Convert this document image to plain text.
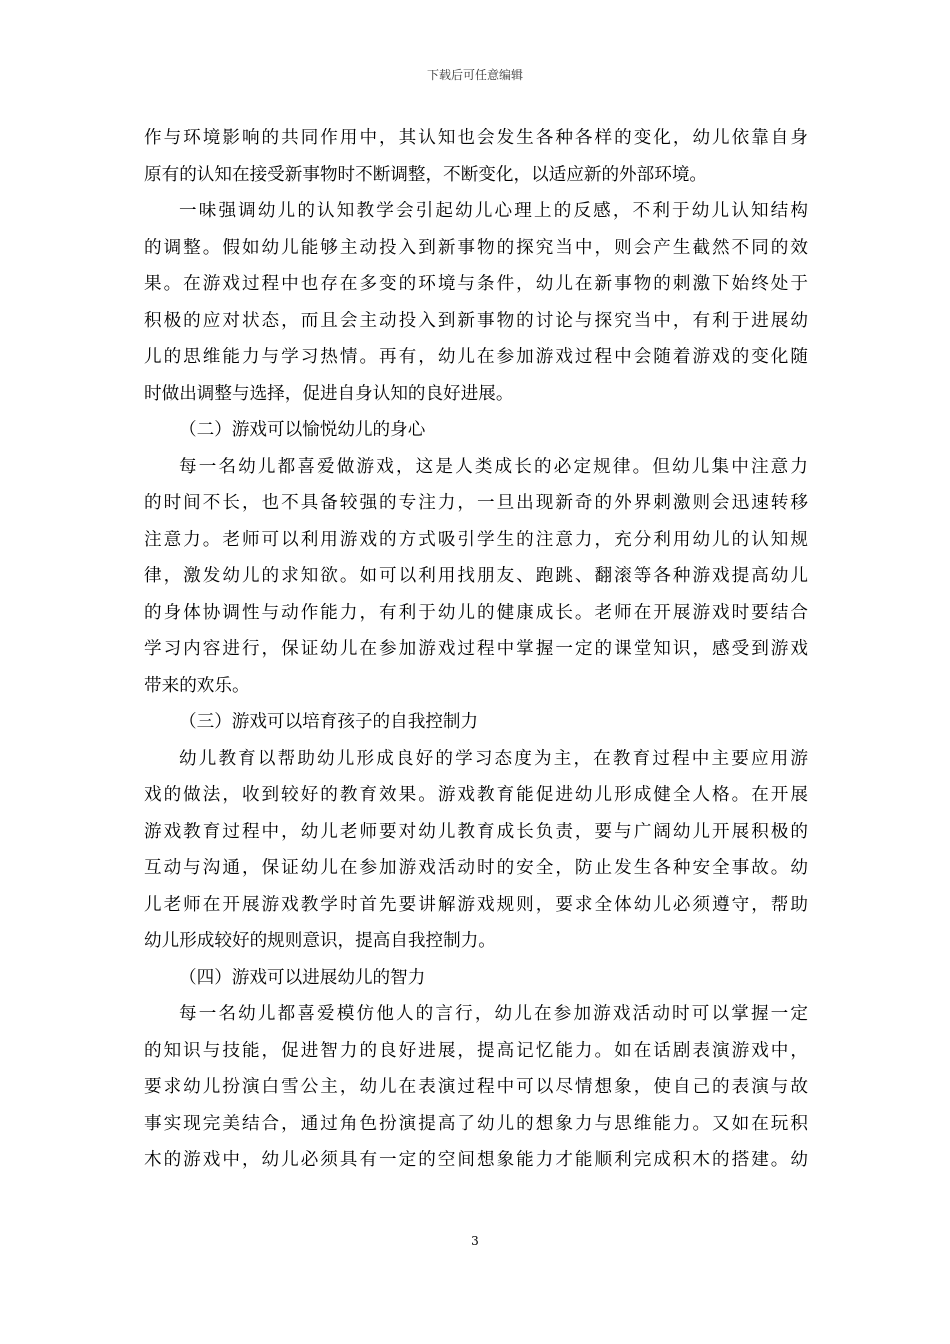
下载后可任意编辑
作与环境影响的共同作用中，其认知也会发生各种各样的变化，幼儿依靠自身
原有的认知在接受新事物时不断调整，不断变化，以适应新的外部环境。
一味强调幼儿的认知教学会引起幼儿心理上的反感，不利于幼儿认知结构
的调整。假如幼儿能够主动投入到新事物的探究当中，则会产生截然不同的效
果。在游戏过程中也存在多变的环境与条件，幼儿在新事物的刺激下始终处于
积极的应对状态，而且会主动投入到新事物的讨论与探究当中，有利于进展幼
儿的思维能力与学习热情。再有，幼儿在参加游戏过程中会随着游戏的变化随
时做出调整与选择，促进自身认知的良好进展。
（二）游戏可以愉悦幼儿的身心
每一名幼儿都喜爱做游戏，这是人类成长的必定规律。但幼儿集中注意力
的时间不长，也不具备较强的专注力，一旦出现新奇的外界刺激则会迅速转移
注意力。老师可以利用游戏的方式吸引学生的注意力，充分利用幼儿的认知规
律，激发幼儿的求知欲。如可以利用找朋友、跑跳、翻滚等各种游戏提高幼儿
的身体协调性与动作能力，有利于幼儿的健康成长。老师在开展游戏时要结合
学习内容进行，保证幼儿在参加游戏过程中掌握一定的课堂知识，感受到游戏
带来的欢乐。
（三）游戏可以培育孩子的自我控制力
幼儿教育以帮助幼儿形成良好的学习态度为主，在教育过程中主要应用游
戏的做法，收到较好的教育效果。游戏教育能促进幼儿形成健全人格。在开展
游戏教育过程中，幼儿老师要对幼儿教育成长负责，要与广阔幼儿开展积极的
互动与沟通，保证幼儿在参加游戏活动时的安全，防止发生各种安全事故。幼
儿老师在开展游戏教学时首先要讲解游戏规则，要求全体幼儿必须遵守，帮助
幼儿形成较好的规则意识，提高自我控制力。
（四）游戏可以进展幼儿的智力
每一名幼儿都喜爱模仿他人的言行，幼儿在参加游戏活动时可以掌握一定
的知识与技能，促进智力的良好进展，提高记忆能力。如在话剧表演游戏中，
要求幼儿扮演白雪公主，幼儿在表演过程中可以尽情想象，使自己的表演与故
事实现完美结合，通过角色扮演提高了幼儿的想象力与思维能力。又如在玩积
木的游戏中，幼儿必须具有一定的空间想象能力才能顺利完成积木的搭建。幼
3
